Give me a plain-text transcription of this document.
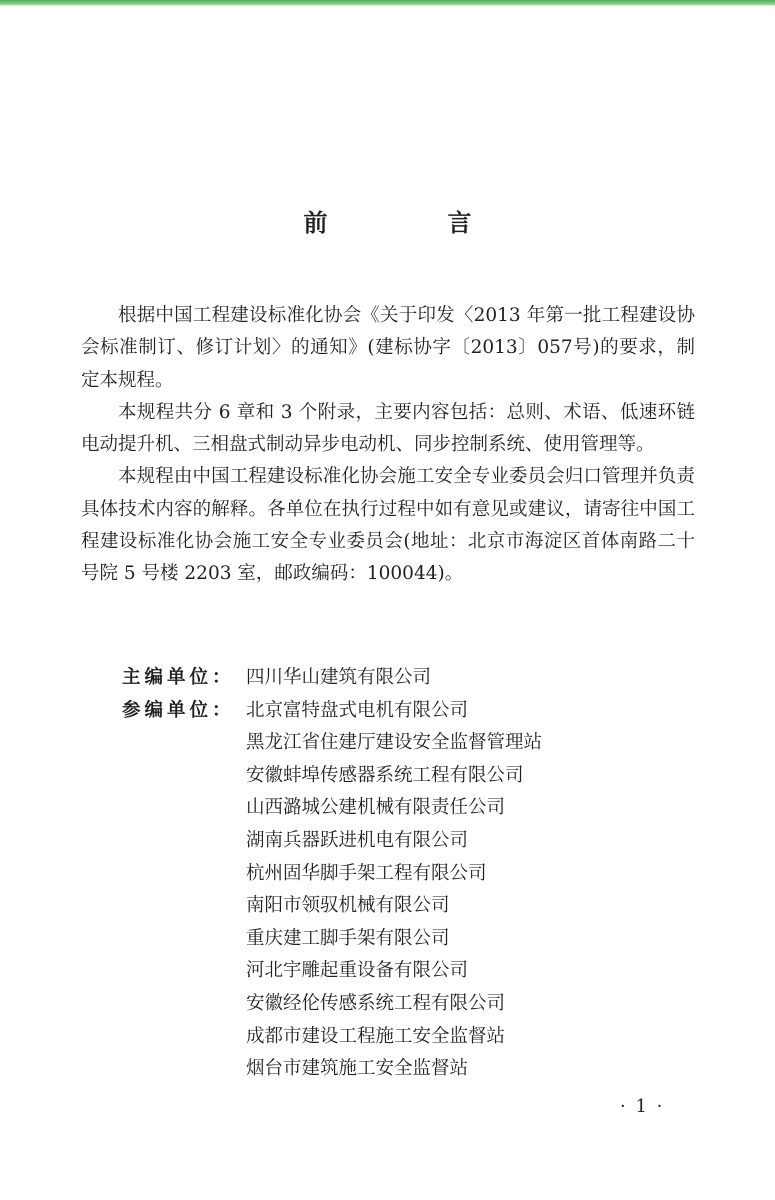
前　言

根据中国工程建设标准化协会《关于印发〈2013 年第一批工程建设协会标准制订、修订计划〉的通知》(建标协字〔2013〕057号)的要求，制定本规程。

本规程共分 6 章和 3 个附录，主要内容包括：总则、术语、低速环链电动提升机、三相盘式制动异步电动机、同步控制系统、使用管理等。

本规程由中国工程建设标准化协会施工安全专业委员会归口管理并负责具体技术内容的解释。各单位在执行过程中如有意见或建议，请寄往中国工程建设标准化协会施工安全专业委员会(地址：北京市海淀区首体南路二十号院 5 号楼 2203 室，邮政编码：100044)。

主编单位： 四川华山建筑有限公司
参编单位： 北京富特盘式电机有限公司
黑龙江省住建厅建设安全监督管理站
安徽蚌埠传感器系统工程有限公司
山西潞城公建机械有限责任公司
湖南兵器跃进机电有限公司
杭州固华脚手架工程有限公司
南阳市领驭机械有限公司
重庆建工脚手架有限公司
河北宇雕起重设备有限公司
安徽经伦传感系统工程有限公司
成都市建设工程施工安全监督站
烟台市建筑施工安全监督站
· 1 ·
